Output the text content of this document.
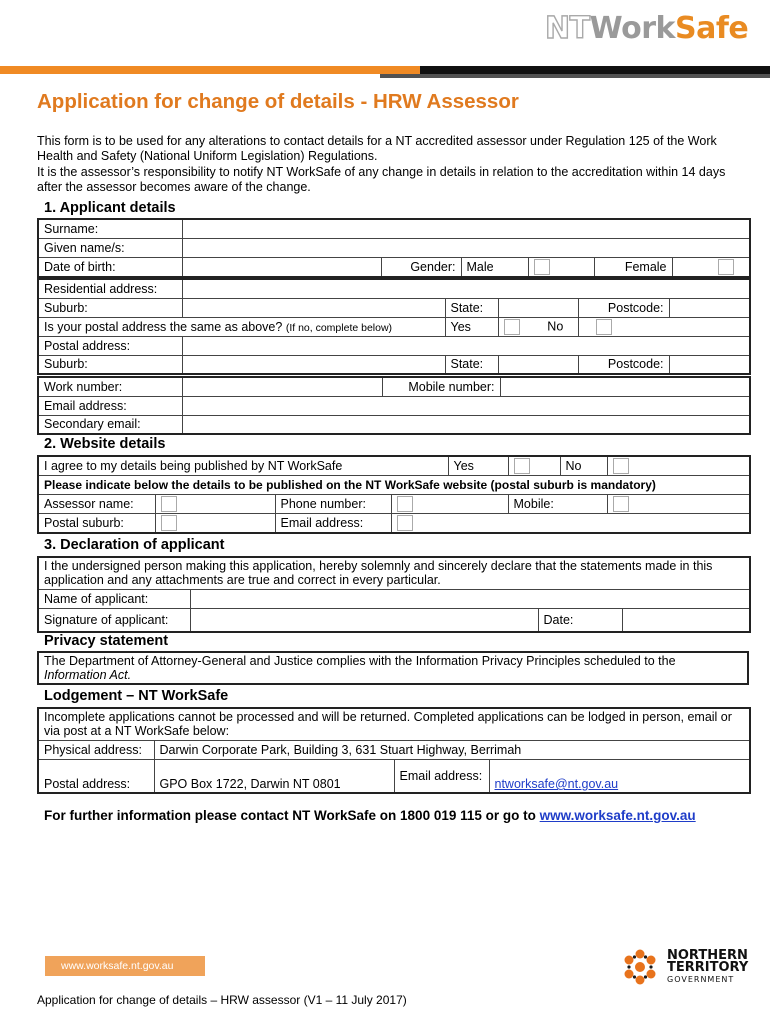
NTWorkSafe
Application for change of details - HRW Assessor
This form is to be used for any alterations to contact details for a NT accredited assessor under Regulation 125 of the Work Health and Safety (National Uniform Legislation) Regulations.
It is the assessor’s responsibility to notify NT WorkSafe of any change in details in relation to the accreditation within 14 days after the assessor becomes aware of the change.
1. Applicant details
Surname:						
Given name/s:						
Date of birth:		Gender:	Male		Female	
Residential address:					
Suburb:		State:		Postcode:	
Is your postal address the same as above? (If no, complete below)		Yes	No		
Postal address:					
Suburb:		State:		Postcode:	
Work number:		Mobile number:	
Email address:			
Secondary email:			
2. Website details
I agree to my details being published by NT WorkSafe				Yes		No	
Please indicate below the details to be published on the NT WorkSafe website (postal suburb is mandatory)							
Assessor name:		Phone number:			Mobile:		
Postal suburb:		Email address:					
3. Declaration of applicant
I the undersigned person making this application, hereby solemnly and sincerely declare that the statements made in this application and any attachments are true and correct in every particular.			
Name of applicant:			
Signature of applicant:		Date:	
Privacy statement
The Department of Attorney-General and Justice complies with the Information Privacy Principles scheduled to the
Information Act.
Lodgement – NT WorkSafe
Incomplete applications cannot be processed and will be returned. Completed applications can be lodged in person, email or via post at a NT WorkSafe below:			
Physical address:	Darwin Corporate Park, Building 3, 631 Stuart Highway, Berrimah		
Postal address:	GPO Box 1722, Darwin NT 0801	Email address:	ntworksafe@nt.gov.au
For further information please contact NT WorkSafe on 1800 019 115 or go to www.worksafe.nt.gov.au
www.worksafe.nt.gov.au
NORTHERN
TERRITORY
GOVERNMENT
Application for change of details – HRW assessor (V1 – 11 July 2017)
